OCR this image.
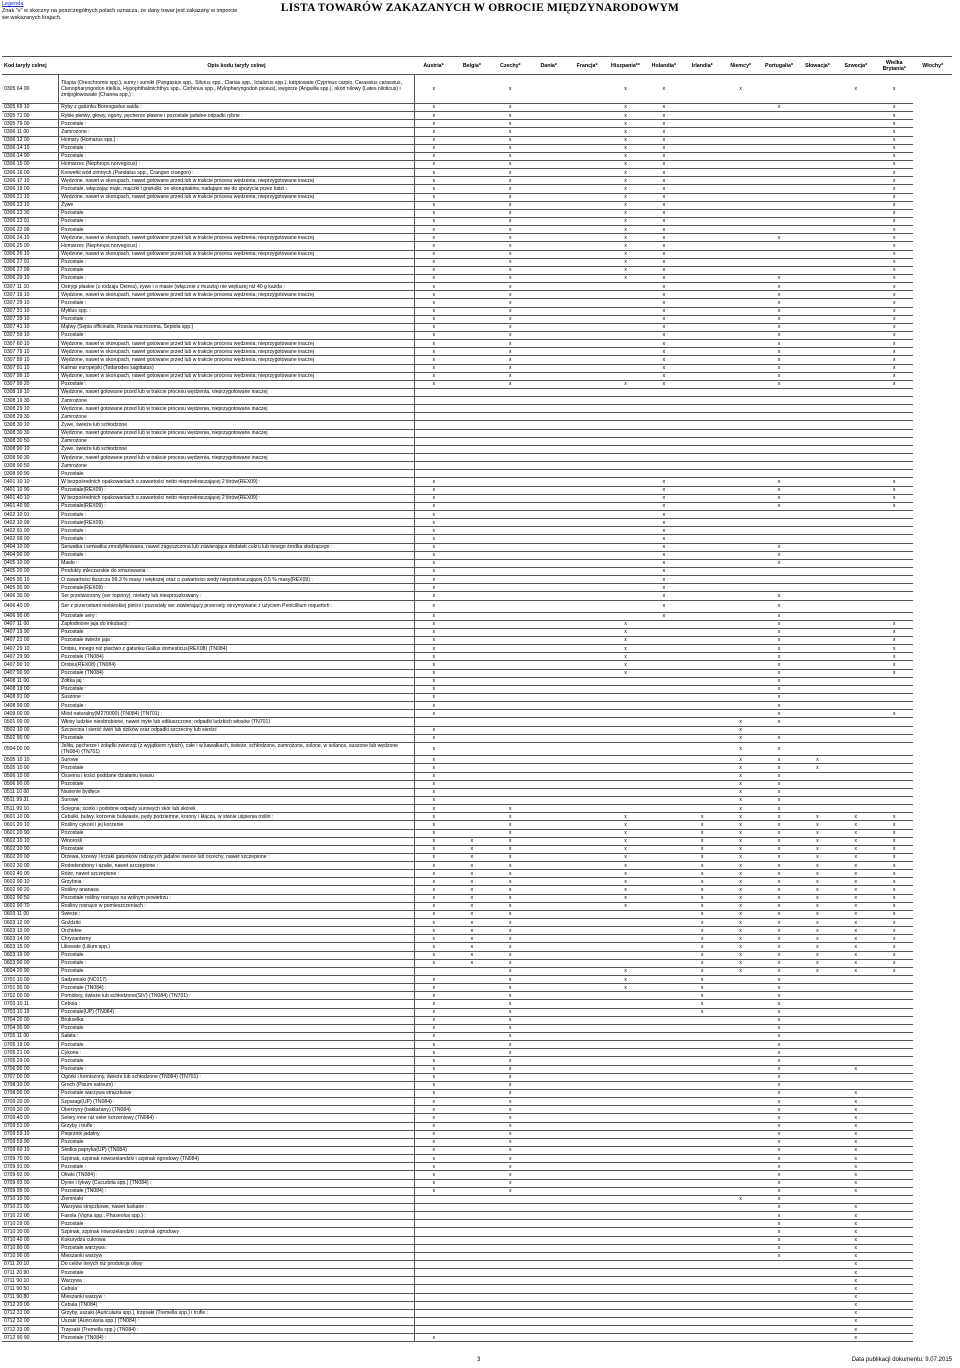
Legenda
Znak "x" w skoczny na poszczególnych polach oznacza, że dany towar jest zakazany w imporcie
we wskazanych krajach.
LISTA TOWARÓW ZAKAZANYCH W OBROCIE MIĘDZYNARODOWYM
Kod taryfy celnej	Opis kodu taryfy celnej	Austria*	Belgia*	Czechy*	Dania*	Francja*	Hiszpania**	Holandia*	Irlandia*	Niemcy*	Portugalia*	Słowacja*	Szwecja*	Wielka Brytania*	Włochy*
0305 64 00	Tilapia (Oreochromis spp.), sumy i sumiki (Pangasius spp., Silurus spp., Clarias spp., Ictalurus spp.), karpiowate (Cyprinus carpio, Carassius carassius, Ctenopharyngodon idellus, Hypophthalmichthys spp., Cirrhinus spp., Mylopharyngodon piceus), węgorze (Anguilla spp.), okoń nilowy (Lates niloticus) i żmijogłowowate (Channa spp.) :	x		x			x	x		x			x	x	
0305 69 10	Ryby z gatunku Boreogadus saida :	x		x			x	x			x			x	
0305 71 00	Rybie płetwy, głowy, ogony, pęcherze pławne i pozostałe jadalne odpadki rybne :	x		x			x	x						x	
0305 79 00	Pozostałe :	x		x			x	x						x	
0306 11 00	Zamrożone :	x		x			x	x						x	
0306 12 00	Homary (Homarus spp.) :	x		x			x	x						x	
0306 14 10	Pozostałe :	x		x			x	x						x	
0306 14 90	Pozostałe :	x		x			x	x						x	
0306 15 00	Homarzec (Nephrops norvegicus) :	x		x			x	x						x	
0306 16 00	Krewetki wód zimnych (Pandalus spp., Crangon crangon) :	x		x			x	x						x	
0306 17 10	Wędzone, nawet w skorupach, nawet gotowane przed lub w trakcie procesu wędzenia; nieprzygotowane inaczej	x		x			x	x						x	
0306 19 00	Pozostałe, włączając mąki, mączki i granulki, ze skorupiaków, nadające się do spożycia przez ludzi :	x		x			x	x						x	
0306 21 10	Wędzone, nawet w skorupach, nawet gotowane przed lub w trakcie procesu wędzenia; nieprzygotowane inaczej	x		x			x	x						x	
0306 22 10	Żywe	x		x			x	x						x	
0306 22 30	Pozostałe	x		x			x	x						x	
0306 22 91	Pozostałe :	x		x			x	x						x	
0306 22 99	Pozostałe	x		x			x	x						x	
0306 24 10	Wędzone, nawet w skorupach, nawet gotowane przed lub w trakcie procesu wędzenia; nieprzygotowane inaczej	x		x			x	x			x			x	
0306 25 00	Homarzec (Nephrops norvegicus) :	x		x			x	x						x	
0306 26 10	Wędzone, nawet w skorupach, nawet gotowane przed lub w trakcie procesu wędzenia; nieprzygotowane inaczej	x		x			x	x						x	
0306 27 91	Pozostałe :	x		x			x	x						x	
0306 27 99	Pozostałe	x		x			x	x						x	
0306 29 10	Pozostałe :	x		x			x	x			x			x	
0307 11 10	Ostrygi płaskie (z rodzaju Ostrea), żywe i o masie (włącznie z muszlą) nie większej niż 40 g każda :	x		x				x			x			x	
0307 19 10	Wędzone, nawet w skorupach, nawet gotowane przed lub w trakcie procesu wędzenia; nieprzygotowane inaczej	x		x				x			x			x	
0307 29 10	Pozostałe :	x		x				x			x			x	
0307 31 10	Mytilus spp. :	x		x				x			x			x	
0307 39 10	Pozostałe :	x		x				x			x			x	
0307 41 10	Mątwy (Sepia officinalis, Rossia macrosoma, Sepiola spp.)	x		x				x			x			x	
0307 59 10	Pozostałe :	x		x				x			x			x	
0307 60 10	Wędzone, nawet w skorupach, nawet gotowane przed lub w trakcie procesu wędzenia; nieprzygotowane inaczej	x		x				x			x			x	
0307 79 10	Wędzone, nawet w skorupach, nawet gotowane przed lub w trakcie procesu wędzenia; nieprzygotowane inaczej	x		x				x			x			x	
0307 89 10	Wędzone, nawet w skorupach, nawet gotowane przed lub w trakcie procesu wędzenia; nieprzygotowane inaczej	x		x				x			x			x	
0307 91 10	Kalmar europejski (Todarodes sagittatus)	x		x				x			x			x	
0307 99 10	Wędzone, nawet w skorupach, nawet gotowane przed lub w trakcie procesu wędzenia; nieprzygotowane inaczej	x		x				x			x			x	
0307 99 20	Pozostałe :	x		x			x	x			x			x	
0308 19 10	Wędzone, nawet gotowane przed lub w trakcie procesu wędzenia, nieprzygotowane inaczej														
0308 19 30	Zamrożone														
0308 29 10	Wędzone, nawet gotowane przed lub w trakcie procesu wędzenia, nieprzygotowane inaczej														
0308 29 30	Zamrożone														
0308 30 10	Żywe, świeże lub schłodzone														
0308 30 30	Wędzone, nawet gotowane przed lub w trakcie procesu wędzenia, nieprzygotowane inaczej														
0308 30 50	Zamrożone														
0308 90 10	Żywe, świeże lub schłodzone														
0308 90 30	Wędzone, nawet gotowane przed lub w trakcie procesu wędzenia, nieprzygotowane inaczej														
0308 90 50	Zamrożone														
0308 90 90	Pozostałe														
0401 10 10	W bezpośrednich opakowaniach o zawartości netto nieprzekraczającej 2 litrów(REX09) :	x						x			x			x	
0401 10 90	Pozostałe(REX09) :	x						x			x			x	
0401 40 10	W bezpośrednich opakowaniach o zawartości netto nieprzekraczającej 2 litrów(REX09) :	x						x			x			x	
0401 40 90	Pozostałe(REX09) :	x						x			x			x	
0402 10 91	Pozostałe :	x						x							
0402 10 99	Pozostałe(REX09) :	x						x							
0402 91 00	Pozostałe :	x						x							
0402 99 00	Pozostałe :	x						x							
0404 10 00	Serwatka i serwatka zmodyfikowana, nawet zagęszczona lub zawierająca dodatek cukru lub innego środka słodzącego :	x						x			x				
0404 90 00	Pozostałe :	x						x			x				
0405 10 00	Masło :	x						x			x				
0405 20 00	Produkty mleczarskie do smarowania :	x						x							
0405 90 10	O zawartości tłuszczu 99,3 % masy i większej oraz o zawartości wody nieprzekraczającej 0,5 % masy(REX09) :	x						x							
0405 90 90	Pozostałe(REX09) :	x						x							
0406 30 00	Ser przetworzony (ser topiony), nietarty lub niesproszkowany :	x						x			x				
0406 40 00	Ser z przerostami niebieskiej pleśni i pozostały ser zawierający przerosty otrzymywane z użyciem Penicillium roqueforti :	x						x			x				
0406 90 00	Pozostałe sery :	x						x			x				
0407 11 00	Zapłodnione jaja do inkubacji :	x					x				x			x	
0407 19 90	Pozostałe	x					x				x			x	
0407 21 00	Pozostałe świeże jaja :	x					x				x			x	
0407 29 10	Drobiu, innego niż ptactwo z gatunku Gallus domesticus(REX08) (TN084)	x					x				x			x	
0407 29 90	Pozostałe (TN084)	x					x				x			x	
0407 90 10	Drobiu(REX08) (TN084)	x					x				x			x	
0407 90 90	Pozostałe (TN084)	x					x				x			x	
0408 11 00	Żółtka jaj :	x									x				
0408 19 00	Pozostałe :	x									x				
0408 91 00	Suszone :	x									x				
0408 99 00	Pozostałe :	x									x				
0409 00 00	Miód naturalny(M270000) (TN084) (TN701) :	x									x			x	
0501 00 00	Włosy ludzkie nieobrobione, nawet myte lub odtłuszczone; odpadki ludzkich włosów (TN701)									x	x				
0502 10 00	Szczecina i sierść świń lub dzików oraz odpadki szczeciny lub sierści	x								x					
0502 90 00	Pozostałe	x								x	x				
0504 00 00	Jelita, pęcherze i żołądki zwierząt (z wyjątkiem rybich), całe i w kawałkach, świeże, schłodzone, zamrożone, solone, w solance, suszone lub wędzone (TN084) (TN701)	x								x	x				
0505 10 10	Surowe	x								x	x	x			
0505 10 90	Pozostałe	x								x	x	x			
0506 10 00	Osseina i kości poddane działaniu kwasu	x								x	x				
0506 90 00	Pozostałe	x								x	x				
0511 10 00	Nasienie bydlęce	x								x	x				
0511 99 31	Surowe	x								x	x				
0511 99 10	Ścięgna; ścinki i podobne odpady surowych skór lub skórek	x		x						x	x				
0601 10 00	Cebulki, bulwy, korzenie bulwiaste, pędy podziemne, korony i kłącza, w stanie uśpienia roślin :	x		x			x		x	x	x	x	x	x	
0601 20 10	Rośliny cykorii i jej korzenie	x		x			x		x	x	x	x	x	x	
0601 20 90	Pozostałe	x		x			x		x	x	x	x	x	x	
0602 10 10	Winorośli	x	x	x			x		x	x	x	x	x	x	
0602 10 90	Pozostałe	x	x	x			x		x	x	x	x	x	x	
0602 20 00	Drzewa, krzewy i krzaki gatunków rodzących jadalne owoce lub orzechy, nawet szczepione :	x	x	x			x		x	x	x	x	x	x	
0602 30 00	Rododendrony i azalie, nawet szczepione :	x	x	x			x		x	x	x	x	x	x	
0602 40 00	Róże, nawet szczepione :	x	x	x			x		x	x	x	x	x	x	
0602 90 10	Grzybnia	x	x	x			x		x	x	x	x	x	x	
0602 90 20	Rośliny ananasa	x	x	x			x		x	x	x	x	x	x	
0602 90 50	Pozostałe rośliny rosnące na wolnym powietrzu :	x	x	x			x		x	x	x	x	x	x	
0602 90 70	Rośliny rosnące w pomieszczeniach :	x	x	x			x		x	x	x	x	x	x	
0603 11 00	Świeże :	x	x	x					x	x	x	x	x	x	
0603 12 00	Goździki	x	x	x					x	x	x	x	x	x	
0603 13 00	Orchidee	x	x	x					x	x	x	x	x	x	
0603 14 00	Chryzantemy	x	x	x					x	x	x	x	x	x	
0603 15 00	Liliowate (Lilium spp.)	x	x	x					x	x	x	x	x	x	
0603 19 00	Pozostałe	x	x	x					x	x	x	x	x	x	
0603 90 00	Pozostałe :	x	x	x					x	x	x	x	x	x	
0604 20 90	Pozostałe			x			x		x	x	x	x	x	x	
0701 10 00	Sadzeniaki (NC017)	x		x			x		x		x				
0701 90 00	Pozostałe (TN084) :	x		x			x		x		x				
0702 00 00	Pomidory, świeże lub schłodzone(SIV) (TN084) (TN701) :	x		x					x		x				
0703 10 11	Cebula :	x		x					x		x				
0703 10 19	Pozostałe(UP) (TN084)	x		x					x		x				
0704 20 00	Brukselka	x		x							x				
0704 90 90	Pozostałe	x		x							x				
0705 11 00	Sałata :	x		x							x				
0705 19 00	Pozostałe	x		x							x				
0705 21 00	Cykoria :	x		x							x				
0705 29 00	Pozostałe	x		x							x				
0706 90 00	Pozostałe :	x		x							x		x		
0707 00 00	Ogórki i korniszony, świeże lub schłodzone (TN084) (TN701) :	x		x							x				
0708 10 00	Groch (Pisum sativum) :	x		x							x				
0708 90 00	Pozostałe warzywa strączkowe :	x		x							x		x		
0709 20 00	Szparagi(UP) (TN084) :	x		x							x		x		
0709 30 00	Oberżyny (bakłażany) (TN084)	x		x							x		x		
0709 40 00	Selery inne niż seler korzeniowy (TN084) :	x		x							x		x		
0709 51 00	Grzyby i trufle :	x		x							x		x		
0709 59 10	Pieprznik jadalny	x		x							x		x		
0709 59 90	Pozostałe	x		x							x		x		
0709 60 10	Słodka papryka(UP) (TN084)	x		x							x		x		
0709 70 00	Szpinak, szpinak nowozelandzki i szpinak ogrodowy (TN084)	x		x							x		x		
0709 91 00	Pozostałe :	x		x							x		x		
0709 92 00	Oliwki (TN084) :	x		x							x		x		
0709 93 00	Dynie i tykwy (Cucurbita spp.) (TN084) :	x		x							x		x		
0709 99 00	Pozostałe (TN084) :	x		x							x		x		
0710 10 00	Ziemniaki									x	x				
0710 21 00	Warzywa strączkowe, nawet łuskane :										x		x		
0710 22 00	Fasola (Vigna spp., Phaseolus spp.) :										x		x		
0710 29 00	Pozostałe										x		x		
0710 30 00	Szpinak, szpinak nowozelandzki i szpinak ogrodowy										x		x		
0710 40 00	Kukurydza cukrowa										x		x		
0710 80 00	Pozostałe warzywa :										x		x		
0710 90 00	Mieszanki warzyw										x		x		
0711 20 10	Do celów innych niż produkcja oliwy												x		
0711 20 90	Pozostałe												x		
0711 90 10	Warzywa :												x		
0711 90 50	Cebula												x		
0711 90 80	Mieszanki warzyw :												x		
0712 20 00	Cebula (TN084)												x		
0712 31 00	Grzyby, uszaki (Auricularia spp.), trzęsaki (Tremella spp.) i trufle :												x		
0712 32 00	Uszaki (Auricularia spp.) (TN084) :												x		
0712 33 00	Trzęsaki (Tremella spp.) (TN084) :												x		
0712 90 90	Pozostałe (TN084) :	x											x		
3	Data publikacji dokumentu: 9.07.2015
